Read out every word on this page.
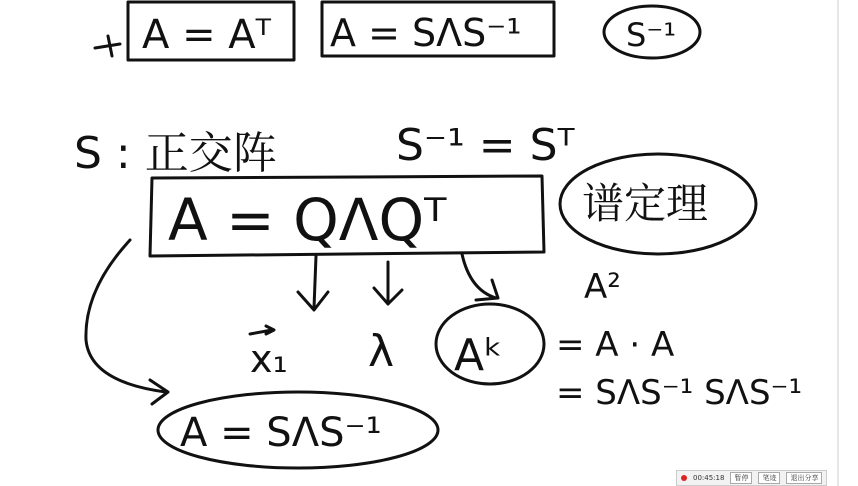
A = Aᵀ A = SΛS⁻¹	S⁻¹
S : 正交阵	S⁻¹ = Sᵀ
A = QΛQᵀ	谱定理
A²
x₁ λ Aᵏ = A · A
= SΛS⁻¹ SΛS⁻¹
A = SΛS⁻¹
00:45:18	暂停	笔迹	退出分享
